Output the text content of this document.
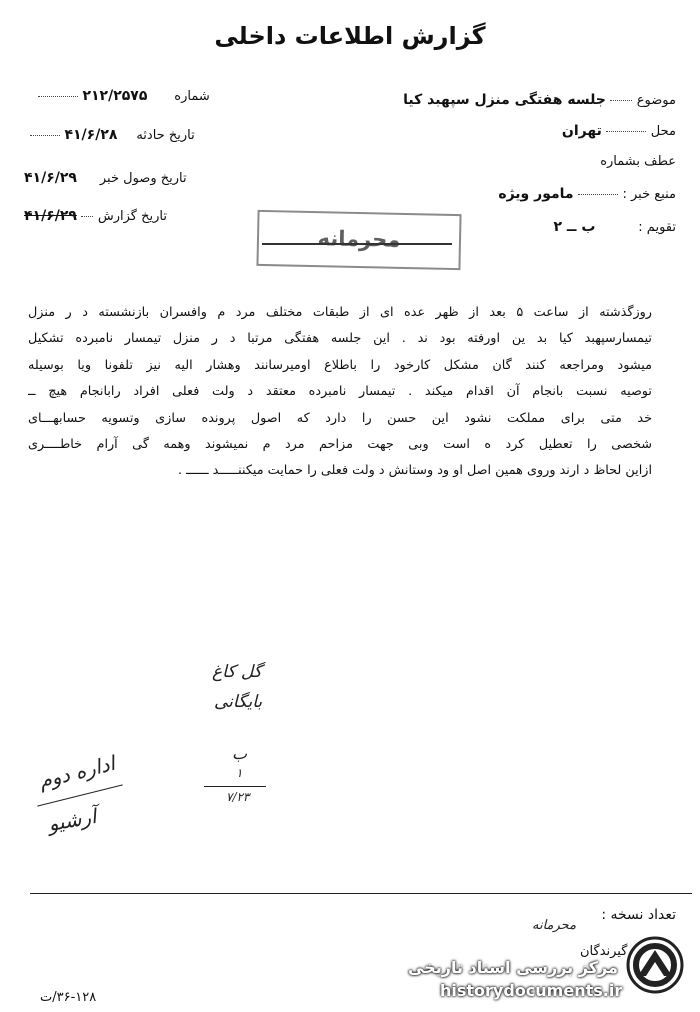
گزارش اطلاعات داخلی
موضوع  جلسه هفتگی منزل سپهبد کیا
محل  تهران
عطف بشماره
منبع خبر :  مامور ویژه
تقویم :  ب ــ ۲
شماره  ۲۱۲/۲۵۷۵
تاریخ حادثه  ۴۱/۶/۲۸
تاریخ وصول خبر  ۴۱/۶/۲۹
تاریخ گزارش  ۴۱/۶/۲۹
محرمانه
روزگذشته از ساعت ۵ بعد از ظهر عده ای از طبقات مختلف مرد م وافسران بازنشسته د ر منزل
تیمسارسپهبد کیا بد ین اورفته بود ند . این جلسه هفتگی مرتبا د ر منزل تیمسار نامبرده تشکیل
میشود ومراجعه کنند گان مشکل کارخود را باطلاع اومیرسانند وهشار الیه نیز تلفونا ویا بوسیله
توصیه نسبت بانجام آن اقدام میکند . تیمسار نامبرده معتقد د ولت فعلی افراد رابانجام هیچ ــ
خد متی برای مملکت نشود این حسن را دارد که اصول پرونده سازی وتسویه حسابهـــای
شخصی را تعطیل کرد ه است وبی جهت مزاحم مرد م نمیشوند وهمه گی آرام خاطــــری
ازاین لحاظ د ارند وروی همین اصل او ود وستانش د ولت فعلی را حمایت میکننـــــد ــــــ .
گل کاغ
بایگانی
ب
۱
۷/۲۳
اداره دوم
آرشیو
تعداد نسخه :
محرمانه
گیرندگان
۳۶-۱۲۸/ت
مرکز بررسی اسناد تاریخی
historydocuments.ir
